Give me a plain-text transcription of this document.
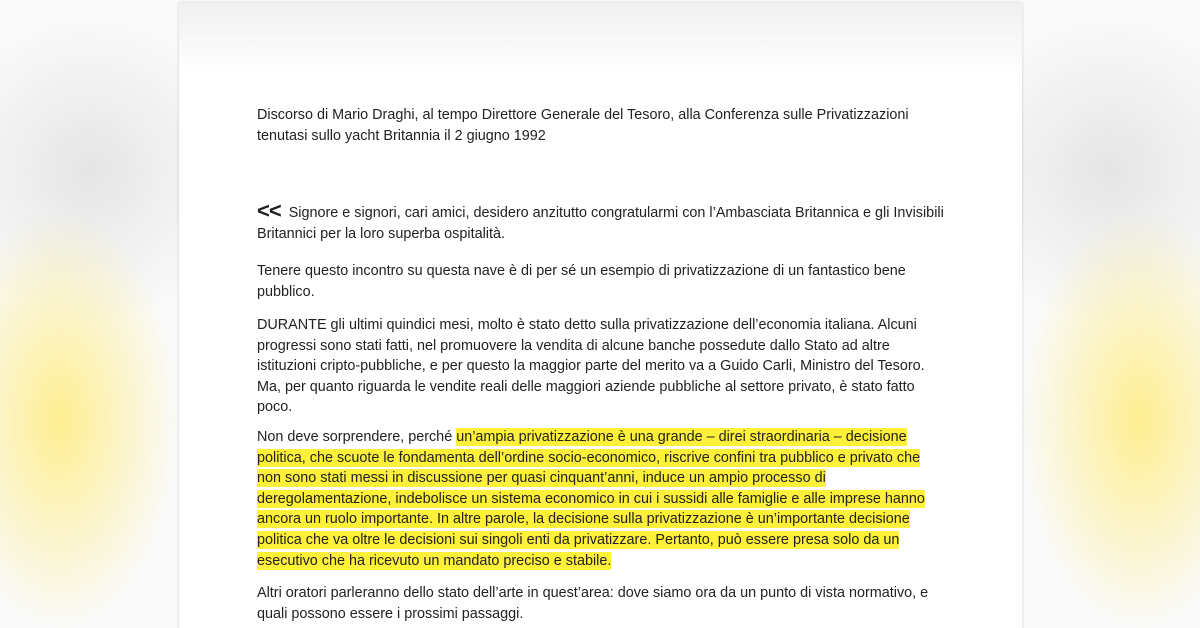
Discorso di Mario Draghi, al tempo Direttore Generale del Tesoro, alla Conferenza sulle Privatizzazioni tenutasi sullo yacht Britannia il 2 giugno 1992

<< Signore e signori, cari amici, desidero anzitutto congratularmi con l’Ambasciata Britannica e gli Invisibili Britannici per la loro superba ospitalità.

Tenere questo incontro su questa nave è di per sé un esempio di privatizzazione di un fantastico bene pubblico.

DURANTE gli ultimi quindici mesi, molto è stato detto sulla privatizzazione dell’economia italiana. Alcuni progressi sono stati fatti, nel promuovere la vendita di alcune banche possedute dallo Stato ad altre istituzioni cripto-pubbliche, e per questo la maggior parte del merito va a Guido Carli, Ministro del Tesoro. Ma, per quanto riguarda le vendite reali delle maggiori aziende pubbliche al settore privato, è stato fatto poco.

Non deve sorprendere, perché un’ampia privatizzazione è una grande – direi straordinaria – decisione politica, che scuote le fondamenta dell’ordine socio-economico, riscrive confini tra pubblico e privato che non sono stati messi in discussione per quasi cinquant’anni, induce un ampio processo di deregolamentazione, indebolisce un sistema economico in cui i sussidi alle famiglie e alle imprese hanno ancora un ruolo importante. In altre parole, la decisione sulla privatizzazione è un’importante decisione politica che va oltre le decisioni sui singoli enti da privatizzare. Pertanto, può essere presa solo da un esecutivo che ha ricevuto un mandato preciso e stabile.

Altri oratori parleranno dello stato dell’arte in quest’area: dove siamo ora da un punto di vista normativo, e quali possono essere i prossimi passaggi.
